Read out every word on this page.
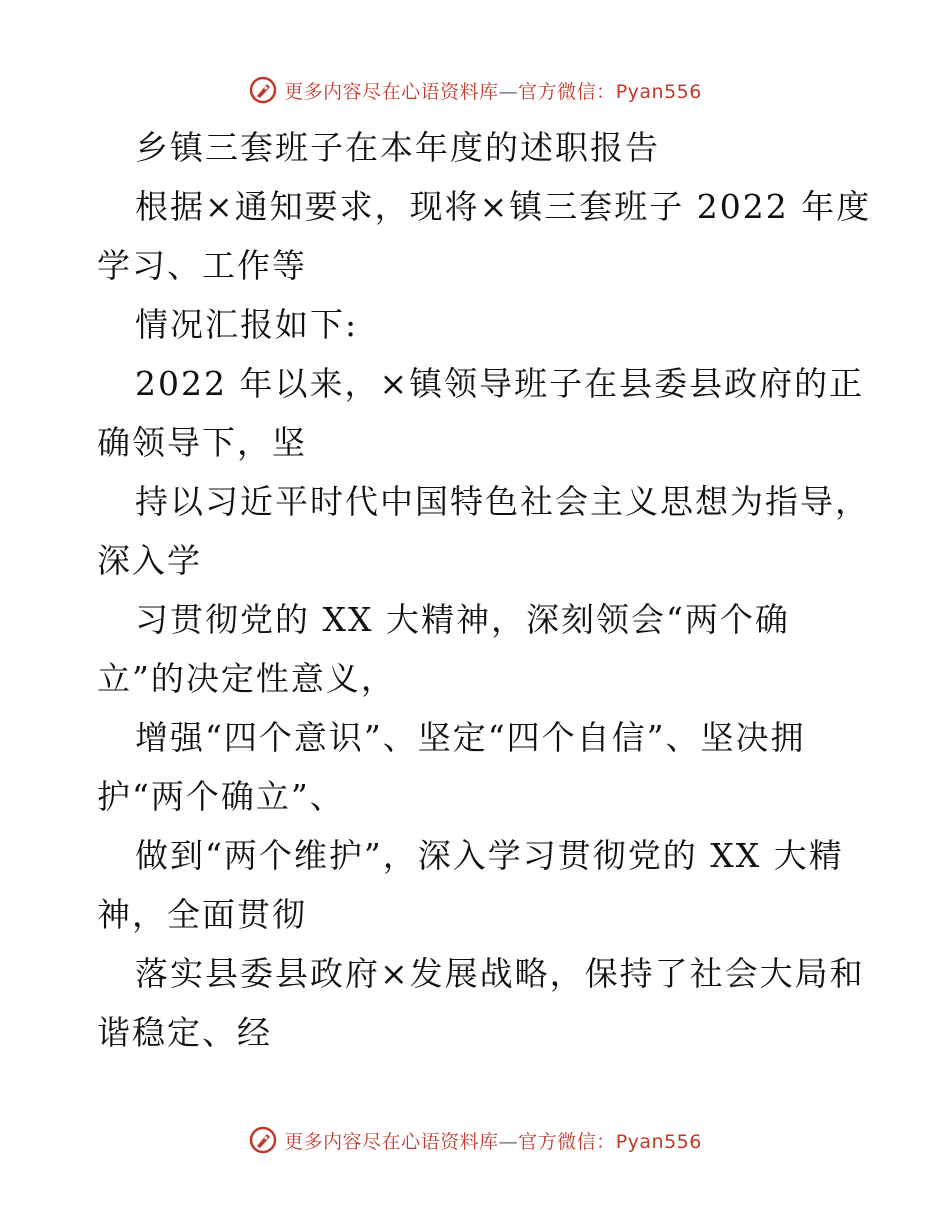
更多内容尽在心语资料库—官方微信：Pyan556
乡镇三套班子在本年度的述职报告
根据×通知要求，现将×镇三套班子 2022 年度
学习、工作等
情况汇报如下:
2022 年以来，×镇领导班子在县委县政府的正
确领导下，坚
持以习近平时代中国特色社会主义思想为指导，
深入学
习贯彻党的 XX 大精神，深刻领会“两个确
立”的决定性意义，
增强“四个意识”、坚定“四个自信”、坚决拥
护“两个确立”、
做到“两个维护”，深入学习贯彻党的 XX 大精
神，全面贯彻
落实县委县政府×发展战略，保持了社会大局和
谐稳定、经
更多内容尽在心语资料库—官方微信：Pyan556
